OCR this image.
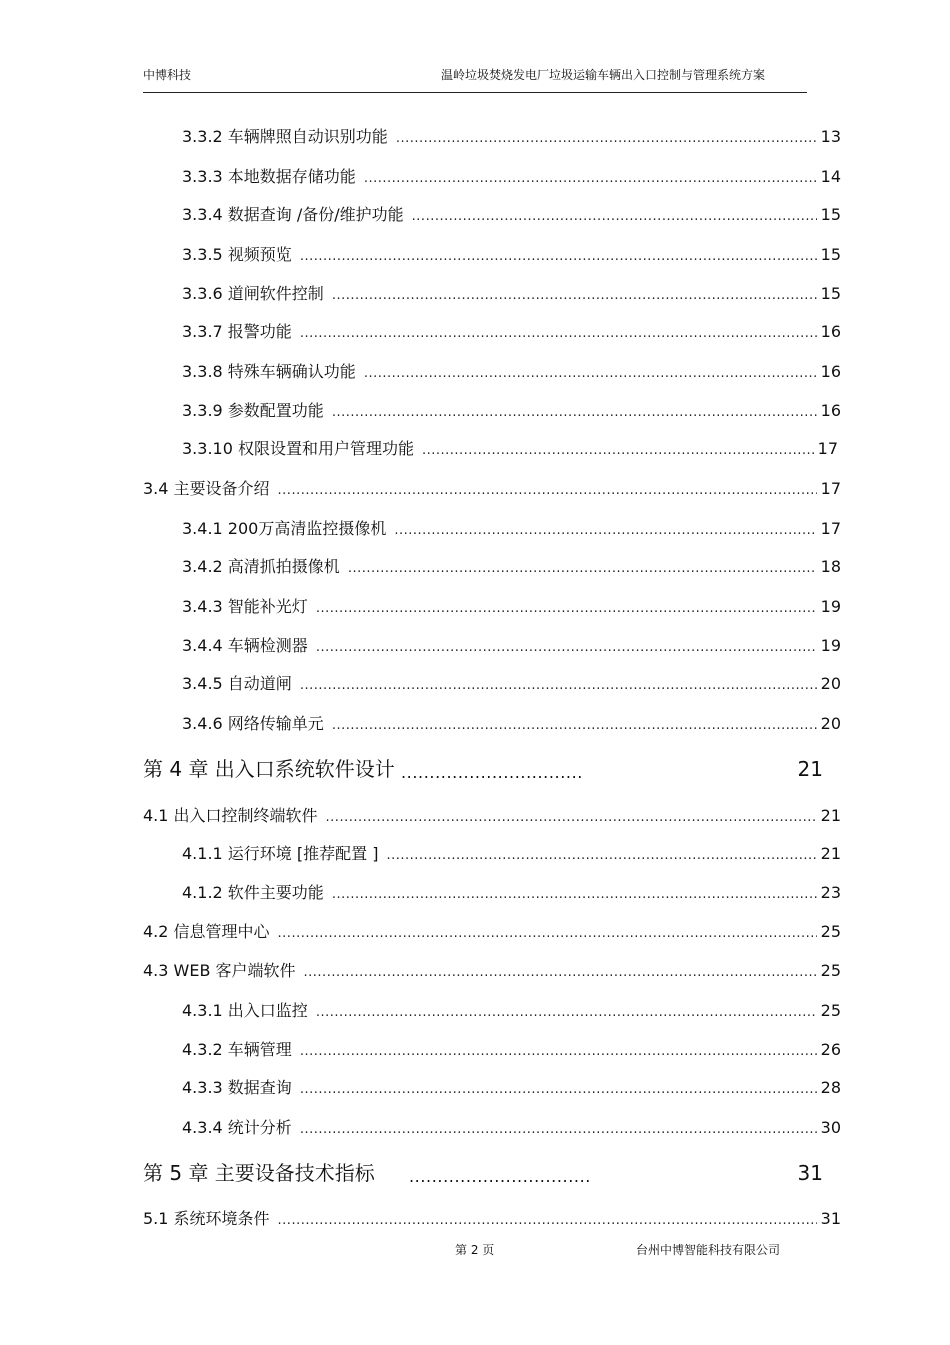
中博科技	温岭垃圾焚烧发电厂垃圾运输车辆出入口控制与管理系统方案
3.3.2 车辆牌照自动识别功能 .....	13
3.3.3 本地数据存储功能 .....	14
3.3.4 数据查询 /备份/维护功能 .....	15
3.3.5 视频预览 .....	15
3.3.6 道闸软件控制 .....	15
3.3.7 报警功能 .....	16
3.3.8 特殊车辆确认功能 .....	16
3.3.9 参数配置功能 .....	16
3.3.10 权限设置和用户管理功能 .....	17
3.4 主要设备介绍 .....	17
3.4.1 200万高清监控摄像机 .....	17
3.4.2 高清抓拍摄像机 .....	18
3.4.3 智能补光灯 .....	19
3.4.4 车辆检测器 .....	19
3.4.5 自动道闸 .....	20
3.4.6 网络传输单元 .....	20
第 4 章 出入口系统软件设计 ................................	21
4.1 出入口控制终端软件 .....	21
4.1.1 运行环境 [推荐配置 ] .....	21
4.1.2 软件主要功能 .....	23
4.2 信息管理中心 .....	25
4.3 WEB 客户端软件 .....	25
4.3.1 出入口监控 .....	25
4.3.2 车辆管理 .....	26
4.3.3 数据查询 .....	28
4.3.4 统计分析 .....	30
第 5 章 主要设备技术指标 ................................	31
5.1 系统环境条件 .....	31
第 2 页	台州中博智能科技有限公司
